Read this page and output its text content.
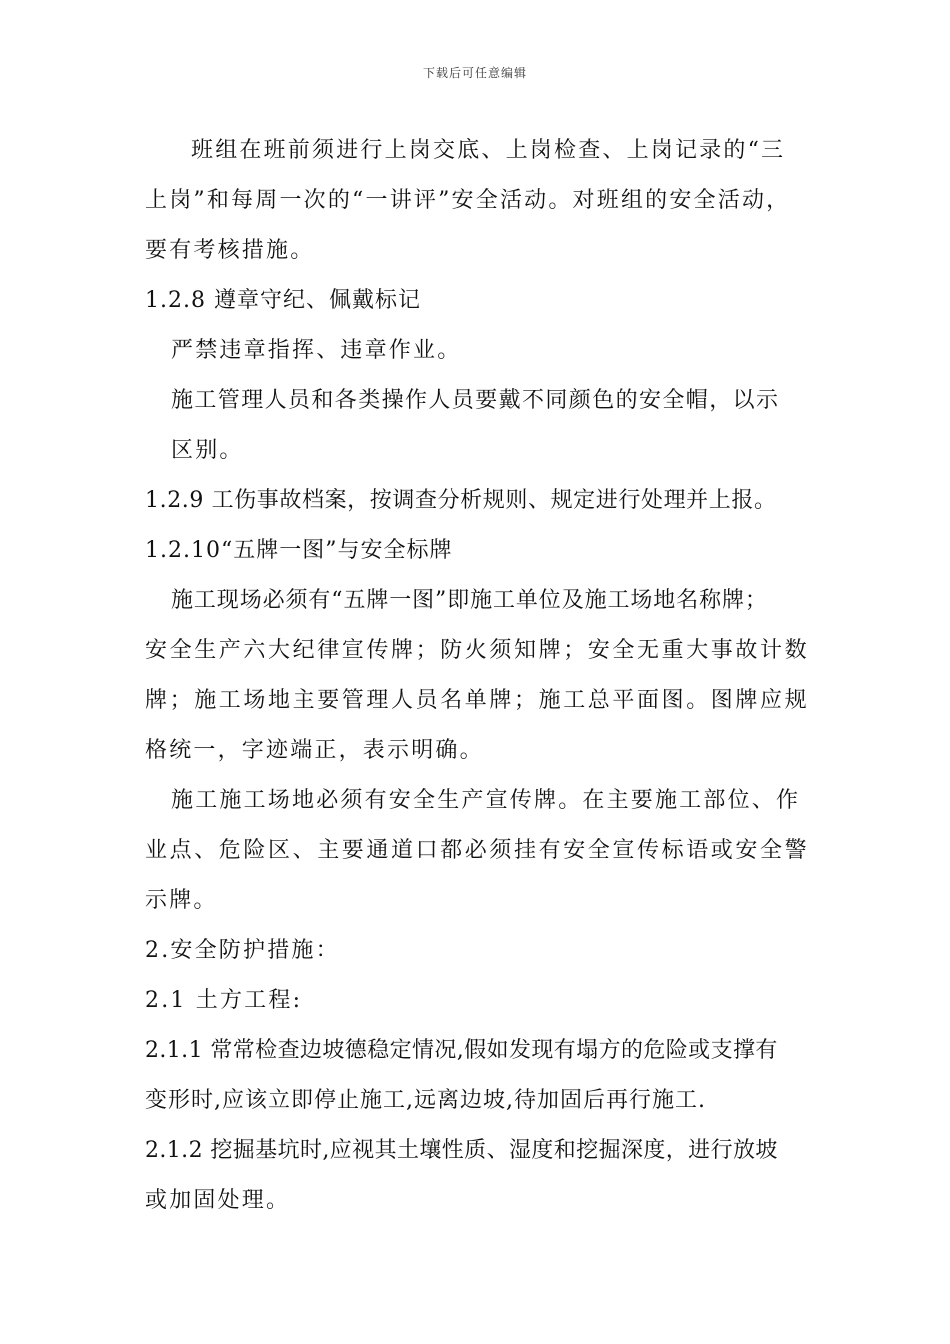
下载后可任意编辑
班组在班前须进行上岗交底、上岗检查、上岗记录的“三
上岗”和每周一次的“一讲评”安全活动。对班组的安全活动，
要有考核措施。
1.2.8 遵章守纪、佩戴标记
严禁违章指挥、违章作业。
施工管理人员和各类操作人员要戴不同颜色的安全帽，以示
区别。
1.2.9 工伤事故档案，按调查分析规则、规定进行处理并上报。
1.2.10“五牌一图”与安全标牌
施工现场必须有“五牌一图”即施工单位及施工场地名称牌；
安全生产六大纪律宣传牌；防火须知牌；安全无重大事故计数
牌；施工场地主要管理人员名单牌；施工总平面图。图牌应规
格统一，字迹端正，表示明确。
施工施工场地必须有安全生产宣传牌。在主要施工部位、作
业点、危险区、主要通道口都必须挂有安全宣传标语或安全警
示牌。
2.安全防护措施：
2.1 土方工程:
2.1.1 常常检查边坡德稳定情况,假如发现有塌方的危险或支撑有
变形时,应该立即停止施工,远离边坡,待加固后再行施工.
2.1.2 挖掘基坑时,应视其土壤性质、湿度和挖掘深度，进行放坡
或加固处理。
